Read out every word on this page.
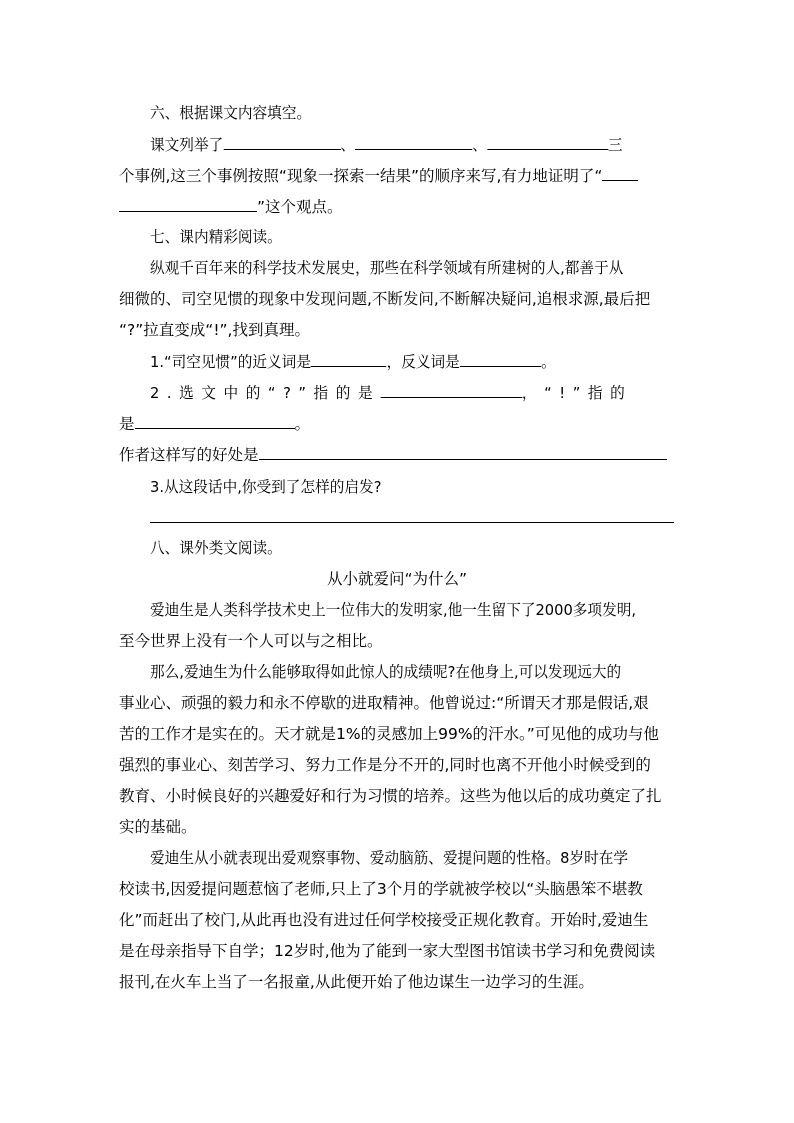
六、根据课文内容填空。
课文列举了	、	、	三
个事例,这三个事例按照“现象一探索一结果”的顺序来写,有力地证明了“
”这个观点。
七、课内精彩阅读。
纵观千百年来的科学技术发展史，那些在科学领域有所建树的人,都善于从
细微的、司空见惯的现象中发现问题,不断发问,不断解决疑问,追根求源,最后把
“?”拉直变成“!”,找到真理。
1.“司空见惯”的近义词是	，反义词是	。
2.选文中的“?”指的是	，“!”指的
是	。
作者这样写的好处是
3.从这段话中,你受到了怎样的启发?
八、课外类文阅读。
从小就爱问“为什么”
爱迪生是人类科学技术史上一位伟大的发明家,他一生留下了2000多项发明,
至今世界上没有一个人可以与之相比。
那么,爱迪生为什么能够取得如此惊人的成绩呢?在他身上,可以发现远大的
事业心、顽强的毅力和永不停歇的进取精神。他曾说过:“所谓天才那是假话,艰
苦的工作才是实在的。天才就是1%的灵感加上99%的汗水。”可见他的成功与他
强烈的事业心、刻苦学习、努力工作是分不开的,同时也离不开他小时候受到的
教育、小时候良好的兴趣爱好和行为习惯的培养。这些为他以后的成功奠定了扎
实的基础。
爱迪生从小就表现出爱观察事物、爱动脑筋、爱提问题的性格。8岁时在学
校读书,因爱提问题惹恼了老师,只上了3个月的学就被学校以“头脑愚笨不堪教
化”而赶出了校门,从此再也没有进过任何学校接受正规化教育。开始时,爱迪生
是在母亲指导下自学；12岁时,他为了能到一家大型图书馆读书学习和免费阅读
报刊,在火车上当了一名报童,从此便开始了他边谋生一边学习的生涯。
